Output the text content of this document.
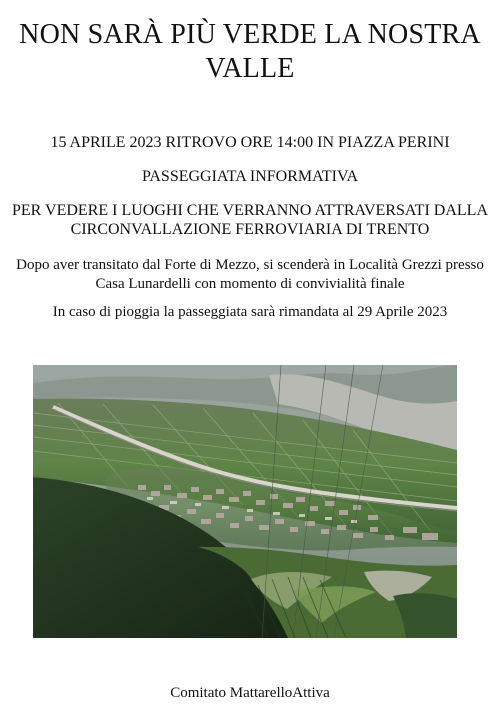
NON SARÀ PIÙ VERDE LA NOSTRA VALLE
15 APRILE 2023 RITROVO ORE 14:00 IN PIAZZA PERINI
PASSEGGIATA INFORMATIVA
PER VEDERE I LUOGHI CHE VERRANNO ATTRAVERSATI DALLA CIRCONVALLAZIONE FERROVIARIA DI TRENTO
Dopo aver transitato dal Forte di Mezzo, si scenderà in Località Grezzi presso Casa Lunardelli con momento di convivialità finale
In caso di pioggia la passeggiata sarà rimandata al 29 Aprile 2023
Comitato MattarelloAttiva
